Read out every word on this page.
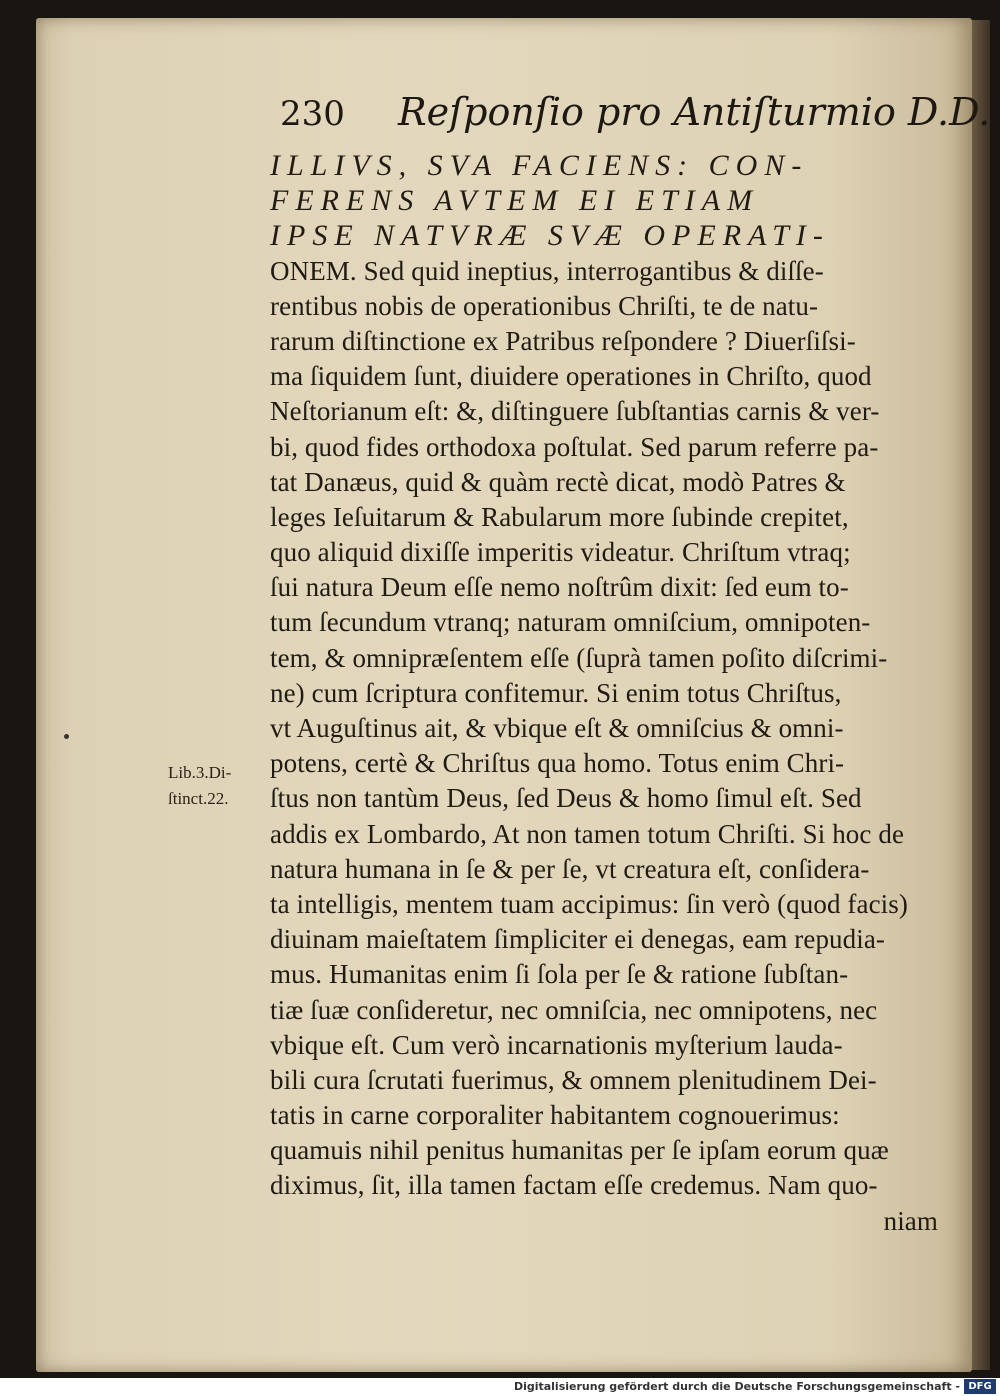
230 Reſponſio pro Antiſturmio D.D.
Lib.3.Di-
ſtinct.22.
ILLIVS, SVA FACIENS: CON-
FERENS AVTEM EI ETIAM
IPSE NATVRÆ SVÆ OPERATI-
ONEM. Sed quid ineptius, interrogantibus & diſſe-
rentibus nobis de operationibus Chriſti, te de natu-
rarum diſtinctione ex Patribus reſpondere ? Diuerſiſsi-
ma ſiquidem ſunt, diuidere operationes in Chriſto, quod
Neſtorianum eſt: &, diſtinguere ſubſtantias carnis & ver-
bi, quod fides orthodoxa poſtulat. Sed parum referre pa-
tat Danæus, quid & quàm rectè dicat, modò Patres &
leges Ieſuitarum & Rabularum more ſubinde crepitet,
quo aliquid dixiſſe imperitis videatur. Chriſtum vtraq;
ſui natura Deum eſſe nemo noſtrûm dixit: ſed eum to-
tum ſecundum vtranq; naturam omniſcium, omnipoten-
tem, & omnipræſentem eſſe (ſuprà tamen poſito diſcrimi-
ne) cum ſcriptura confitemur. Si enim totus Chriſtus,
vt Auguſtinus ait, & vbique eſt & omniſcius & omni-
potens, certè & Chriſtus qua homo. Totus enim Chri-
ſtus non tantùm Deus, ſed Deus & homo ſimul eſt. Sed
addis ex Lombardo, At non tamen totum Chriſti. Si hoc de
natura humana in ſe & per ſe, vt creatura eſt, conſidera-
ta intelligis, mentem tuam accipimus: ſin verò (quod facis)
diuinam maieſtatem ſimpliciter ei denegas, eam repudia-
mus. Humanitas enim ſi ſola per ſe & ratione ſubſtan-
tiæ ſuæ conſideretur, nec omniſcia, nec omnipotens, nec
vbique eſt. Cum verò incarnationis myſterium lauda-
bili cura ſcrutati fuerimus, & omnem plenitudinem Dei-
tatis in carne corporaliter habitantem cognouerimus:
quamuis nihil penitus humanitas per ſe ipſam eorum quæ
diximus, ſit, illa tamen factam eſſe credemus. Nam quo-
niam
Digitalisierung gefördert durch die Deutsche Forschungsgemeinschaft - DFG
